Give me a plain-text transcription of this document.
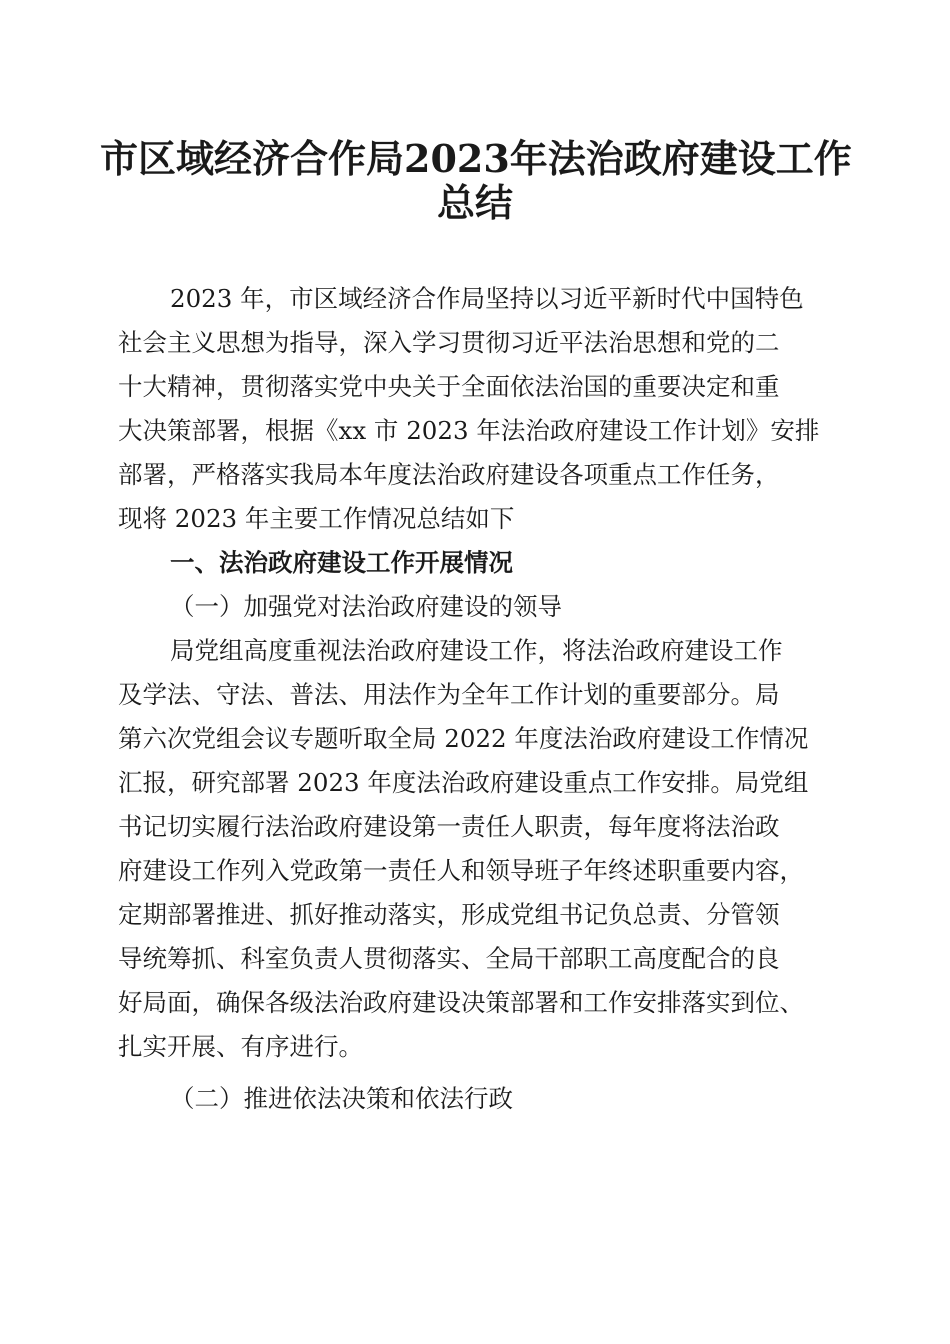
市区域经济合作局2023年法治政府建设工作
总结
2023 年，市区域经济合作局坚持以习近平新时代中国特色
社会主义思想为指导，深入学习贯彻习近平法治思想和党的二
十大精神，贯彻落实党中央关于全面依法治国的重要决定和重
大决策部署，根据《xx 市 2023 年法治政府建设工作计划》安排
部署，严格落实我局本年度法治政府建设各项重点工作任务，
现将 2023 年主要工作情况总结如下
一、法治政府建设工作开展情况
（一）加强党对法治政府建设的领导
局党组高度重视法治政府建设工作，将法治政府建设工作
及学法、守法、普法、用法作为全年工作计划的重要部分。局
第六次党组会议专题听取全局 2022 年度法治政府建设工作情况
汇报，研究部署 2023 年度法治政府建设重点工作安排。局党组
书记切实履行法治政府建设第一责任人职责，每年度将法治政
府建设工作列入党政第一责任人和领导班子年终述职重要内容，
定期部署推进、抓好推动落实，形成党组书记负总责、分管领
导统筹抓、科室负责人贯彻落实、全局干部职工高度配合的良
好局面，确保各级法治政府建设决策部署和工作安排落实到位、
扎实开展、有序进行。
（二）推进依法决策和依法行政
